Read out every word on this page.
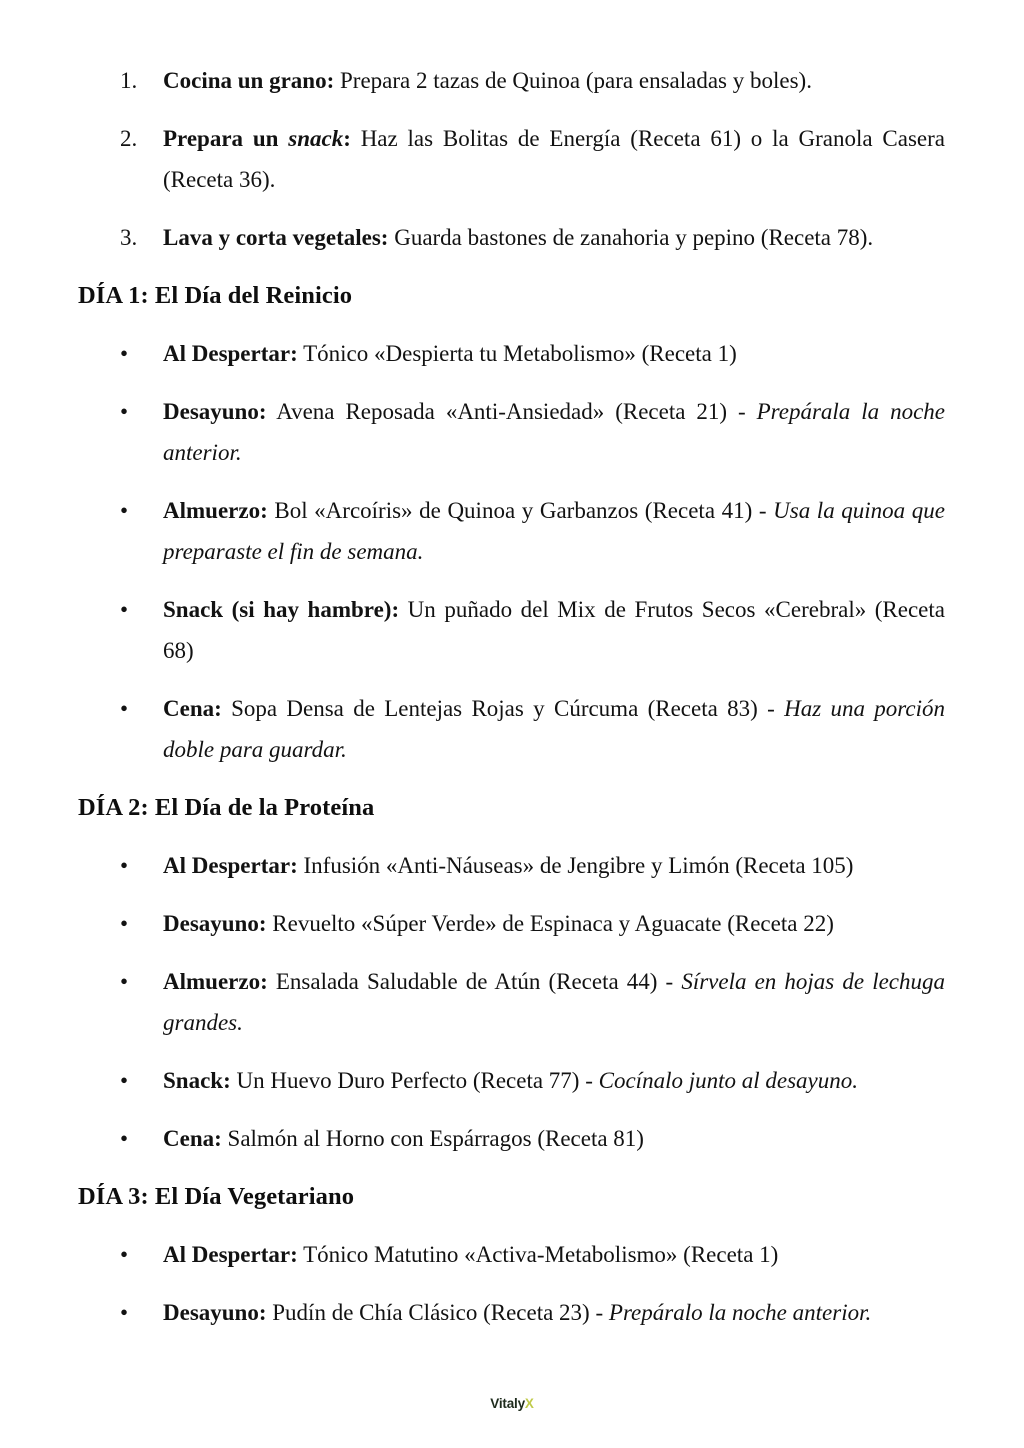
1.	Cocina un grano: Prepara 2 tazas de Quinoa (para ensaladas y boles).
2.	Prepara un snack: Haz las Bolitas de Energía (Receta 61) o la Granola Casera (Receta 36).
3.	Lava y corta vegetales: Guarda bastones de zanahoria y pepino (Receta 78).
DÍA 1: El Día del Reinicio
•	Al Despertar: Tónico «Despierta tu Metabolismo» (Receta 1)
•	Desayuno: Avena Reposada «Anti-Ansiedad» (Receta 21) - Prepárala la noche anterior.
•	Almuerzo: Bol «Arcoíris» de Quinoa y Garbanzos (Receta 41) - Usa la quinoa que preparaste el fin de semana.
•	Snack (si hay hambre): Un puñado del Mix de Frutos Secos «Cerebral» (Receta 68)
•	Cena: Sopa Densa de Lentejas Rojas y Cúrcuma (Receta 83) - Haz una porción doble para guardar.
DÍA 2: El Día de la Proteína
•	Al Despertar: Infusión «Anti-Náuseas» de Jengibre y Limón (Receta 105)
•	Desayuno: Revuelto «Súper Verde» de Espinaca y Aguacate (Receta 22)
•	Almuerzo: Ensalada Saludable de Atún (Receta 44) - Sírvela en hojas de lechuga grandes.
•	Snack: Un Huevo Duro Perfecto (Receta 77) - Cocínalo junto al desayuno.
•	Cena: Salmón al Horno con Espárragos (Receta 81)
DÍA 3: El Día Vegetariano
•	Al Despertar: Tónico Matutino «Activa-Metabolismo» (Receta 1)
•	Desayuno: Pudín de Chía Clásico (Receta 23) - Prepáralo la noche anterior.
VitalyX
